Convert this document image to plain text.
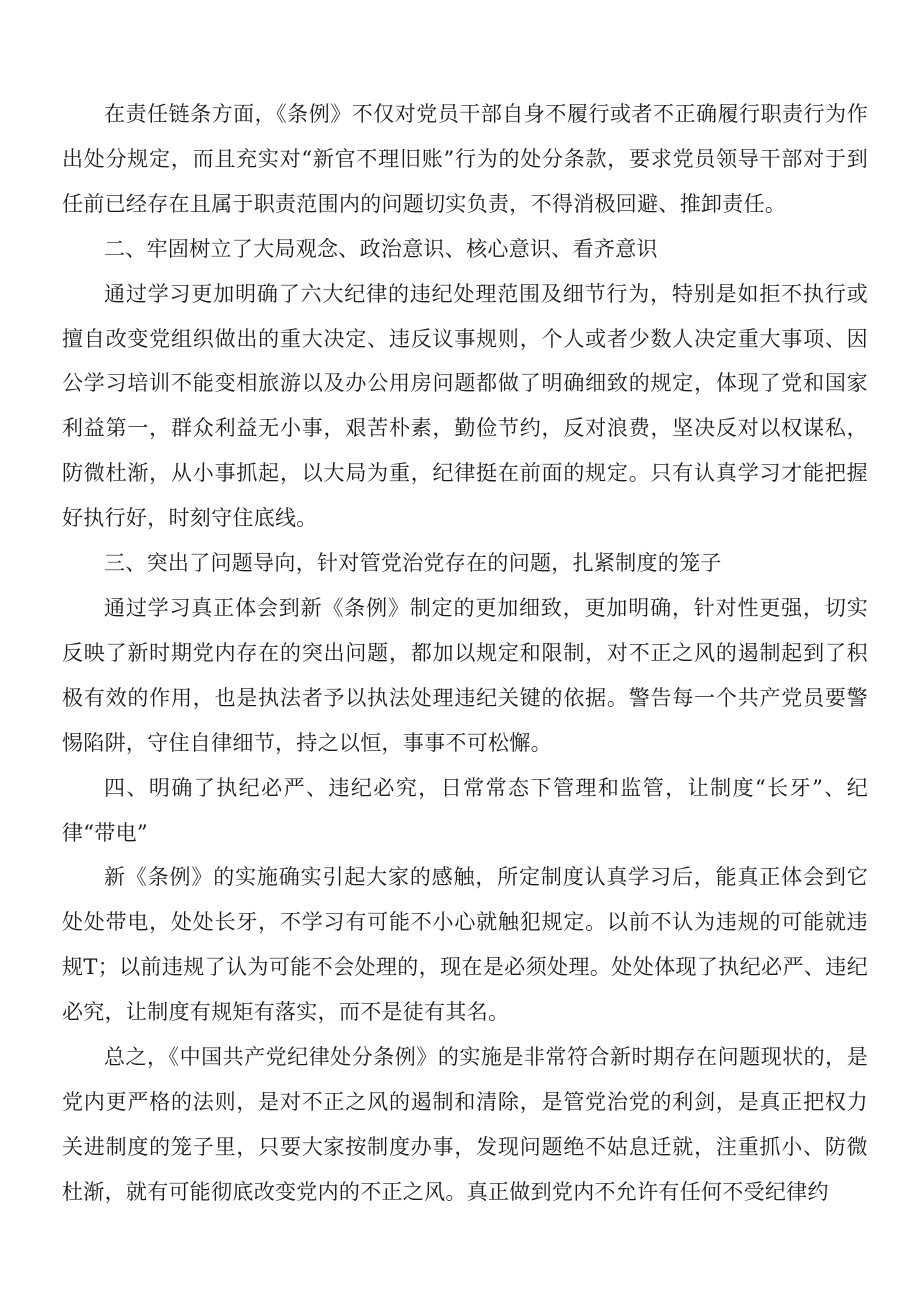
在责任链条方面，《条例》不仅对党员干部自身不履行或者不正确履行职责行为作出处分规定，而且充实对“新官不理旧账”行为的处分条款，要求党员领导干部对于到任前已经存在且属于职责范围内的问题切实负责，不得消极回避、推卸责任。

二、牢固树立了大局观念、政治意识、核心意识、看齐意识

通过学习更加明确了六大纪律的违纪处理范围及细节行为，特别是如拒不执行或擅自改变党组织做出的重大决定、违反议事规则，个人或者少数人决定重大事项、因公学习培训不能变相旅游以及办公用房问题都做了明确细致的规定，体现了党和国家利益第一，群众利益无小事，艰苦朴素，勤俭节约，反对浪费，坚决反对以权谋私，防微杜渐，从小事抓起，以大局为重，纪律挺在前面的规定。只有认真学习才能把握好执行好，时刻守住底线。

三、突出了问题导向，针对管党治党存在的问题，扎紧制度的笼子

通过学习真正体会到新《条例》制定的更加细致，更加明确，针对性更强，切实反映了新时期党内存在的突出问题，都加以规定和限制，对不正之风的遏制起到了积极有效的作用，也是执法者予以执法处理违纪关键的依据。警告每一个共产党员要警惕陷阱，守住自律细节，持之以恒，事事不可松懈。

四、明确了执纪必严、违纪必究，日常常态下管理和监管，让制度“长牙”、纪律“带电”

新《条例》的实施确实引起大家的感触，所定制度认真学习后，能真正体会到它处处带电，处处长牙，不学习有可能不小心就触犯规定。以前不认为违规的可能就违规T；以前违规了认为可能不会处理的，现在是必须处理。处处体现了执纪必严、违纪必究，让制度有规矩有落实，而不是徒有其名。

总之，《中国共产党纪律处分条例》的实施是非常符合新时期存在问题现状的，是党内更严格的法则，是对不正之风的遏制和清除，是管党治党的利剑，是真正把权力关进制度的笼子里，只要大家按制度办事，发现问题绝不姑息迁就，注重抓小、防微杜渐，就有可能彻底改变党内的不正之风。真正做到党内不允许有任何不受纪律约
